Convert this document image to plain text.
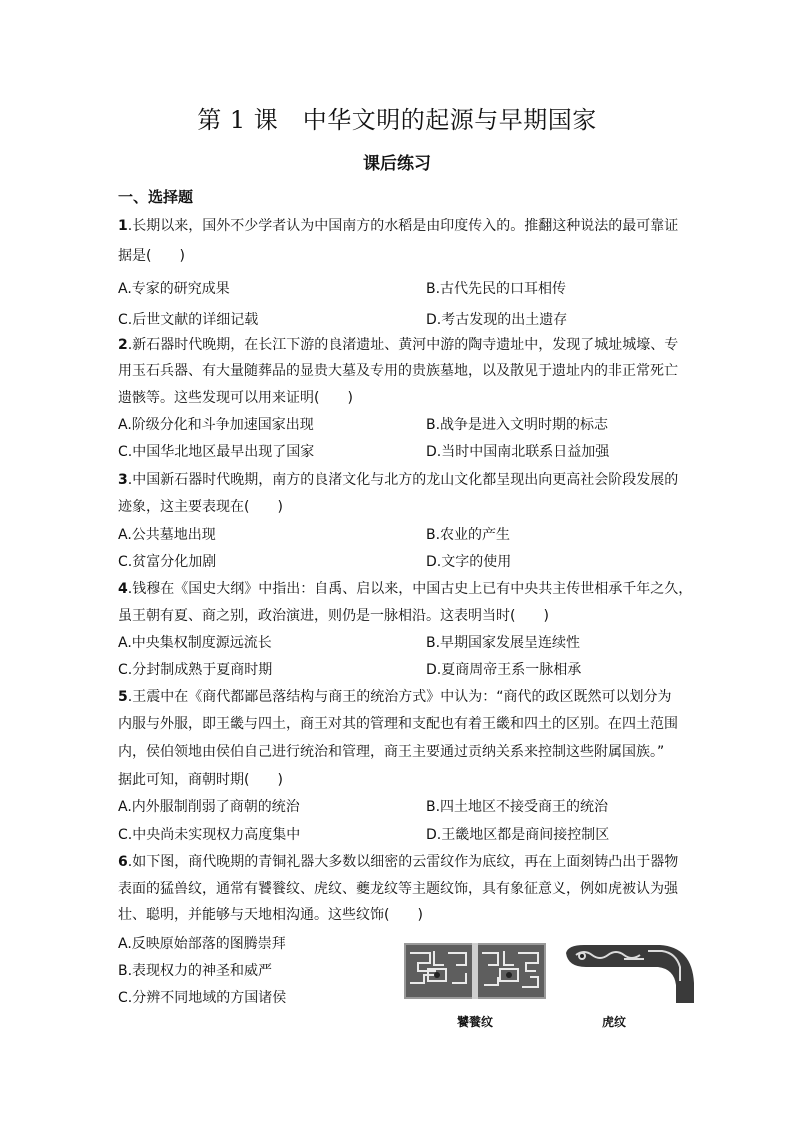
第 1 课　中华文明的起源与早期国家
课后练习
一、选择题
1.长期以来，国外不少学者认为中国南方的水稻是由印度传入的。推翻这种说法的最可靠证
据是(　　)
A.专家的研究成果	B.古代先民的口耳相传
C.后世文献的详细记载	D.考古发现的出土遗存
2.新石器时代晚期，在长江下游的良渚遗址、黄河中游的陶寺遗址中，发现了城址城壕、专
用玉石兵器、有大量随葬品的显贵大墓及专用的贵族墓地，以及散见于遗址内的非正常死亡
遗骸等。这些发现可以用来证明(　　)
A.阶级分化和斗争加速国家出现	B.战争是进入文明时期的标志
C.中国华北地区最早出现了国家	D.当时中国南北联系日益加强
3.中国新石器时代晚期，南方的良渚文化与北方的龙山文化都呈现出向更高社会阶段发展的
迹象，这主要表现在(　　)
A.公共墓地出现	B.农业的产生
C.贫富分化加剧	D.文字的使用
4.钱穆在《国史大纲》中指出：自禹、启以来，中国古史上已有中央共主传世相承千年之久，
虽王朝有夏、商之别，政治演进，则仍是一脉相沿。这表明当时(　　)
A.中央集权制度源远流长	B.早期国家发展呈连续性
C.分封制成熟于夏商时期	D.夏商周帝王系一脉相承
5.王震中在《商代都鄙邑落结构与商王的统治方式》中认为：“商代的政区既然可以划分为
内服与外服，即王畿与四土，商王对其的管理和支配也有着王畿和四土的区别。在四土范围
内，侯伯领地由侯伯自己进行统治和管理，商王主要通过贡纳关系来控制这些附属国族。”
据此可知，商朝时期(　　)
A.内外服制削弱了商朝的统治	B.四土地区不接受商王的统治
C.中央尚未实现权力高度集中	D.王畿地区都是商间接控制区
6.如下图，商代晚期的青铜礼器大多数以细密的云雷纹作为底纹，再在上面刻铸凸出于器物
表面的猛兽纹，通常有饕餮纹、虎纹、夔龙纹等主题纹饰，具有象征意义，例如虎被认为强
壮、聪明，并能够与天地相沟通。这些纹饰(　　)
A.反映原始部落的图腾崇拜
B.表现权力的神圣和威严
C.分辨不同地域的方国诸侯
饕餮纹	虎纹
